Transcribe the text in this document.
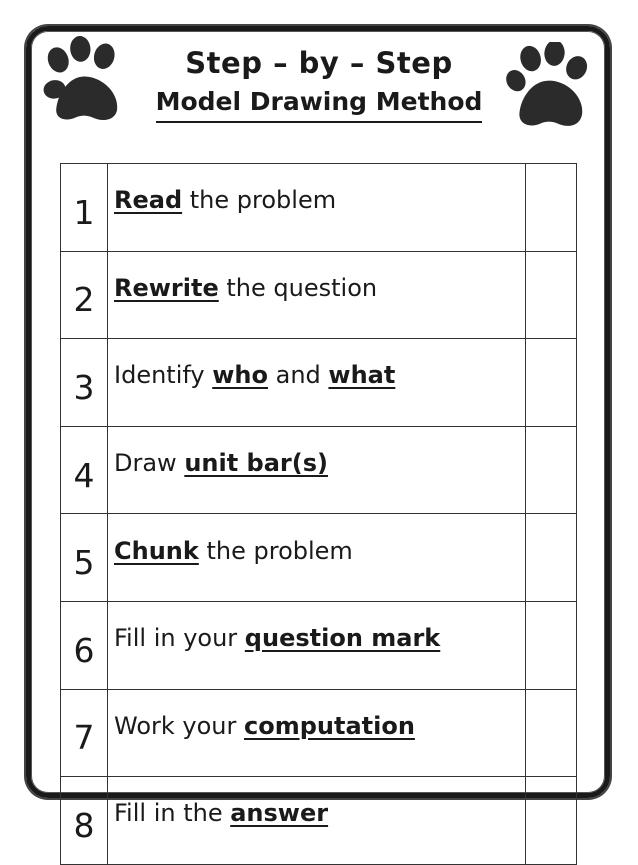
Step – by – Step
Model Drawing Method
1	Read the problem	
2	Rewrite the question	
3	Identify who and what	
4	Draw unit bar(s)	
5	Chunk the problem	
6	Fill in your question mark	
7	Work your computation	
8	Fill in the answer	
